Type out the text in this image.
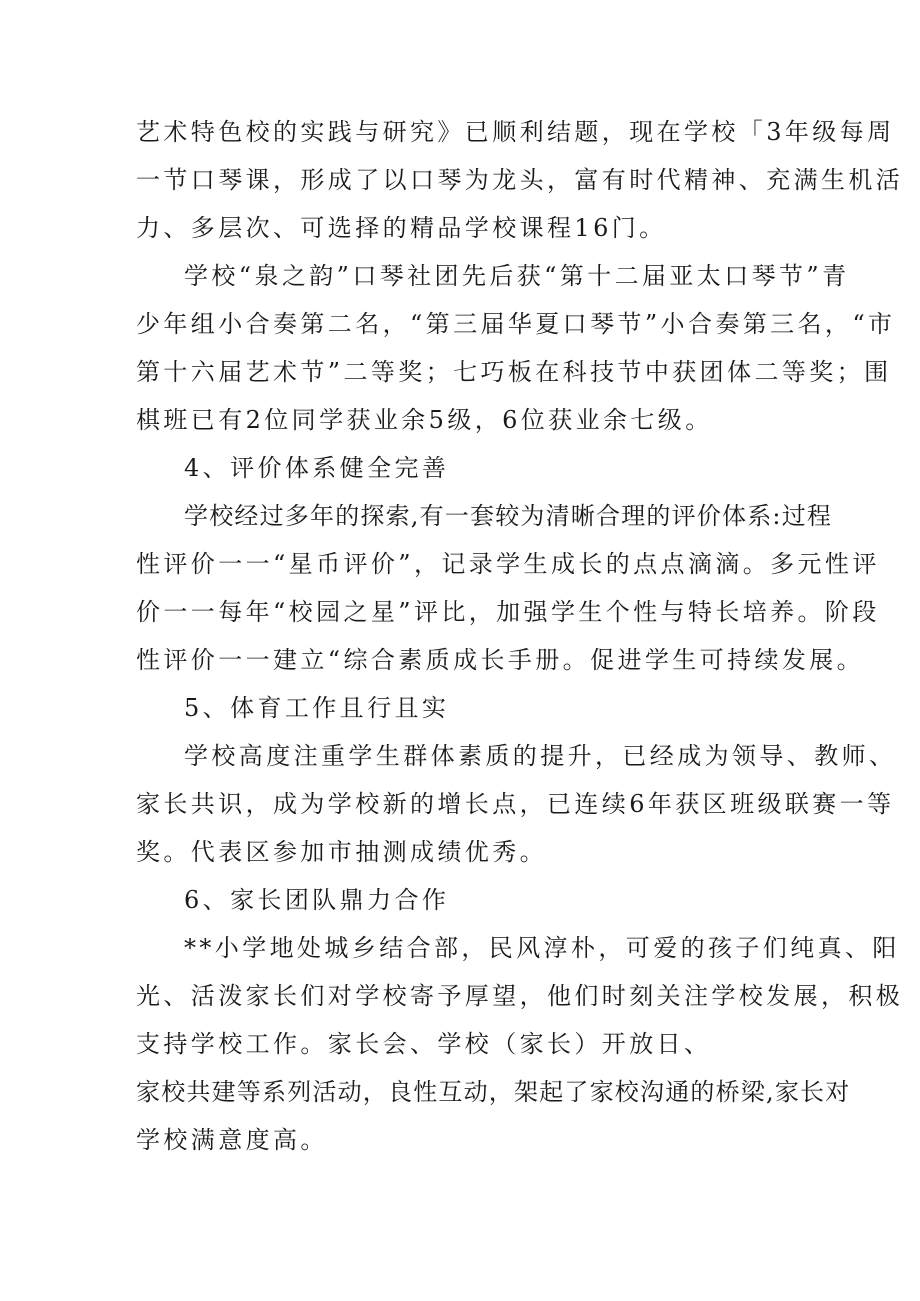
艺术特色校的实践与研究》已顺利结题，现在学校「3年级每周
一节口琴课，形成了以口琴为龙头，富有时代精神、充满生机活
力、多层次、可选择的精品学校课程16门。
学校“泉之韵”口琴社团先后获“第十二届亚太口琴节”青
少年组小合奏第二名，“第三届华夏口琴节”小合奏第三名，“市
第十六届艺术节”二等奖；七巧板在科技节中获团体二等奖；围
棋班已有2位同学获业余5级，6位获业余七级。
4、评价体系健全完善
学校经过多年的探索,有一套较为清晰合理的评价体系:过程
性评价一一“星币评价”，记录学生成长的点点滴滴。多元性评
价一一每年“校园之星”评比，加强学生个性与特长培养。阶段
性评价一一建立“综合素质成长手册。促进学生可持续发展。
5、体育工作且行且实
学校高度注重学生群体素质的提升，已经成为领导、教师、
家长共识，成为学校新的增长点，已连续6年获区班级联赛一等
奖。代表区参加市抽测成绩优秀。
6、家长团队鼎力合作
**小学地处城乡结合部，民风淳朴，可爱的孩子们纯真、阳
光、活泼家长们对学校寄予厚望，他们时刻关注学校发展，积极
支持学校工作。家长会、学校（家长）开放日、
家校共建等系列活动，良性互动，架起了家校沟通的桥梁,家长对
学校满意度高。
